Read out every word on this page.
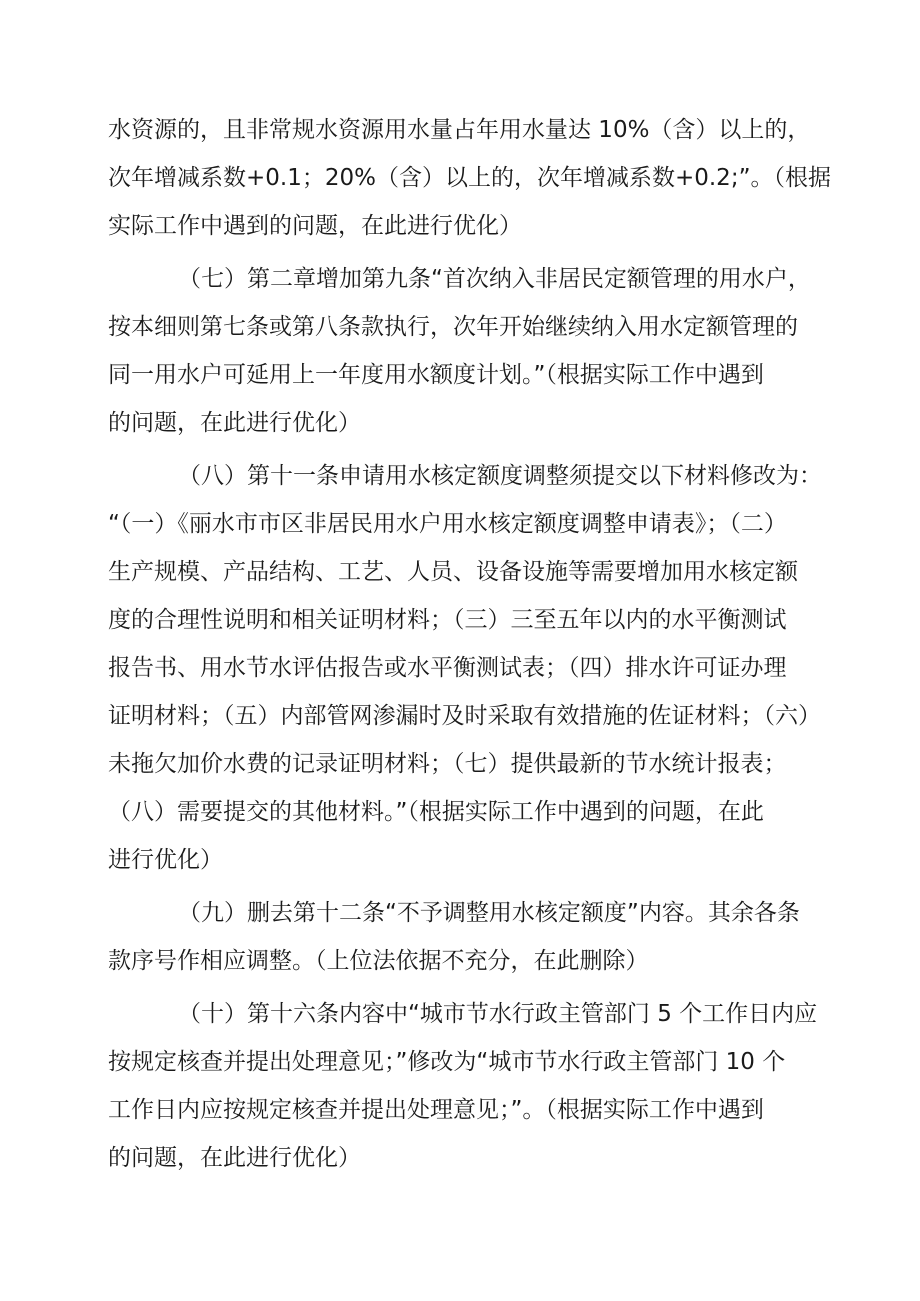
水资源的，且非常规水资源用水量占年用水量达 10%（含）以上的，
次年增减系数+0.1；20%（含）以上的，次年增减系数+0.2;”。（根据
实际工作中遇到的问题，在此进行优化）
（七）第二章增加第九条“首次纳入非居民定额管理的用水户，
按本细则第七条或第八条款执行，次年开始继续纳入用水定额管理的
同一用水户可延用上一年度用水额度计划。”（根据实际工作中遇到
的问题，在此进行优化）
（八）第十一条申请用水核定额度调整须提交以下材料修改为：
“（一）《丽水市市区非居民用水户用水核定额度调整申请表》；（二）
生产规模、产品结构、工艺、人员、设备设施等需要增加用水核定额
度的合理性说明和相关证明材料；（三）三至五年以内的水平衡测试
报告书、用水节水评估报告或水平衡测试表；（四）排水许可证办理
证明材料；（五）内部管网渗漏时及时采取有效措施的佐证材料；（六）
未拖欠加价水费的记录证明材料；（七）提供最新的节水统计报表；
（八）需要提交的其他材料。”（根据实际工作中遇到的问题，在此
进行优化）
（九）删去第十二条“不予调整用水核定额度”内容。其余各条
款序号作相应调整。（上位法依据不充分，在此删除）
（十）第十六条内容中“城市节水行政主管部门 5 个工作日内应
按规定核查并提出处理意见；”修改为“城市节水行政主管部门 10 个
工作日内应按规定核查并提出处理意见；”。（根据实际工作中遇到
的问题，在此进行优化）
